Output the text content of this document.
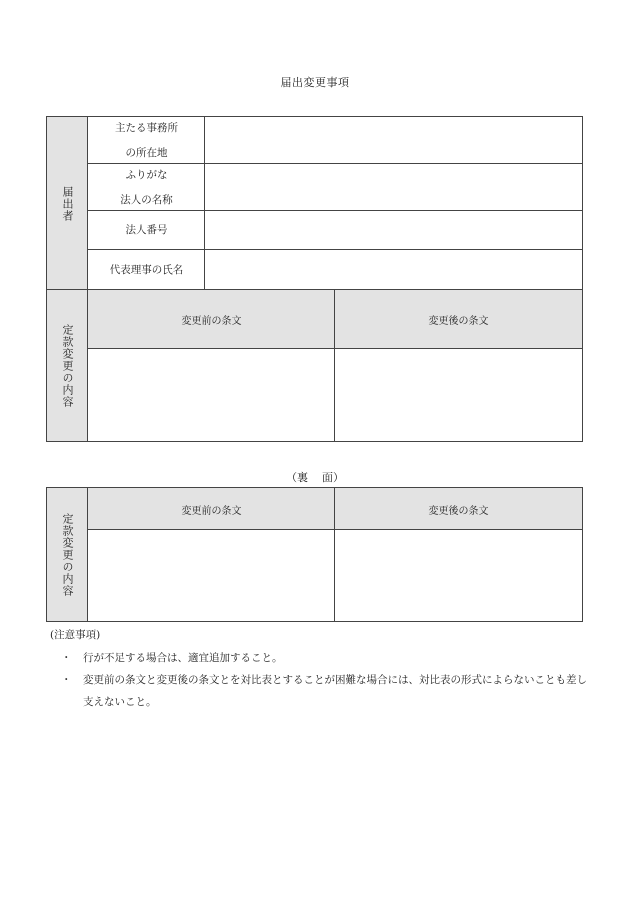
届出変更事項
届出者
定款変更の内容
主たる事務所
の所在地
ふりがな
法人の名称
法人番号
代表理事の氏名
変更前の条文	変更後の条文
（裏 面）
定款変更の内容
変更前の条文	変更後の条文
(注意事項)
・ 行が不足する場合は、適宜追加すること。
・ 変更前の条文と変更後の条文とを対比表とすることが困難な場合には、対比表の形式によらないことも差し支えないこと。
